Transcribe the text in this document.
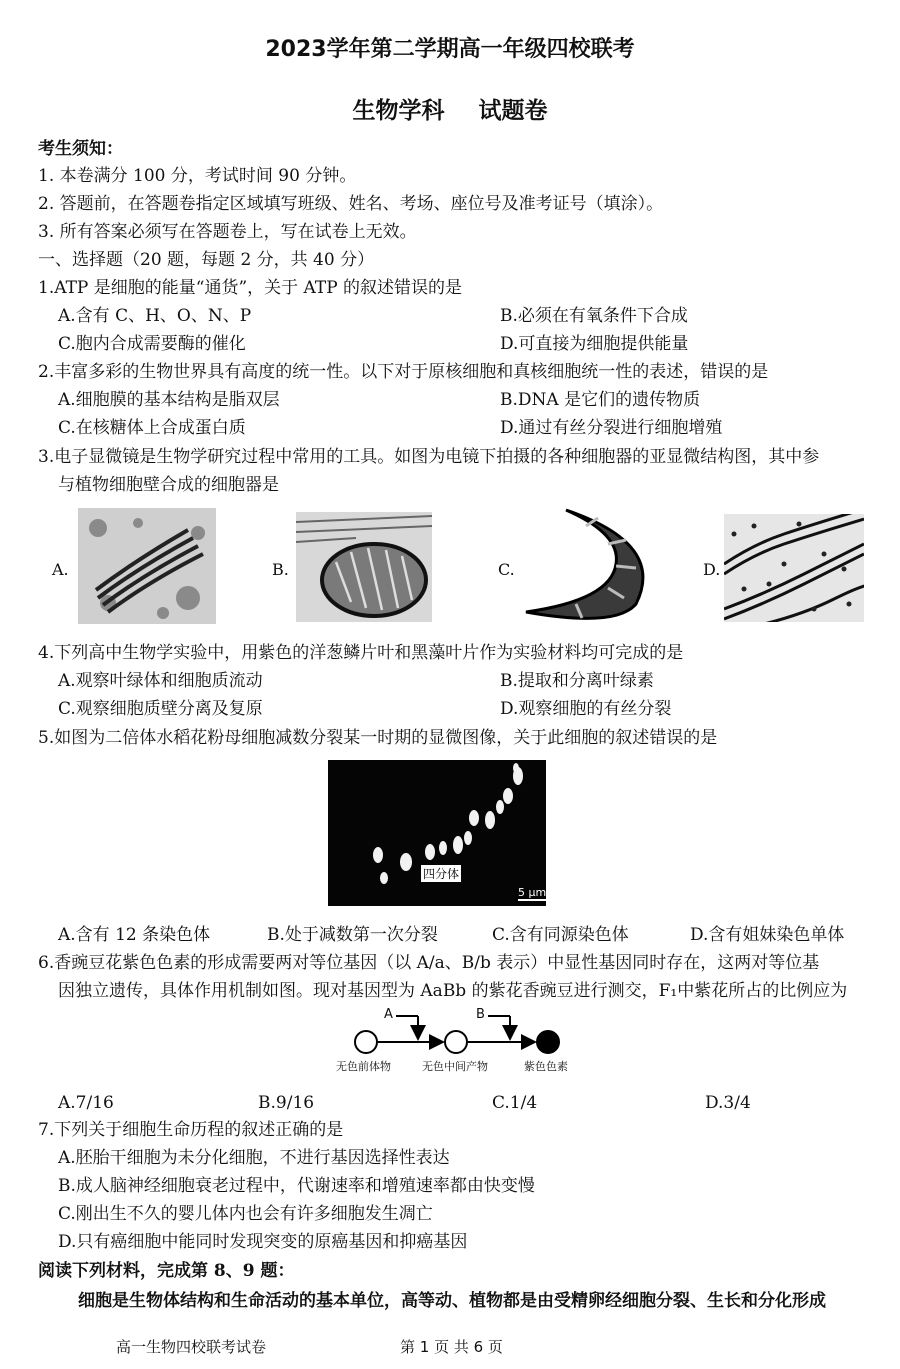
2023学年第二学期高一年级四校联考
生物学科 试题卷
考生须知：
1. 本卷满分 100 分，考试时间 90 分钟。
2. 答题前，在答题卷指定区域填写班级、姓名、考场、座位号及准考证号（填涂）。
3. 所有答案必须写在答题卷上，写在试卷上无效。
一、选择题（20 题，每题 2 分，共 40 分）
1.ATP 是细胞的能量“通货”，关于 ATP 的叙述错误的是
A.含有 C、H、O、N、P	B.必须在有氧条件下合成
C.胞内合成需要酶的催化	D.可直接为细胞提供能量
2.丰富多彩的生物世界具有高度的统一性。以下对于原核细胞和真核细胞统一性的表述，错误的是
A.细胞膜的基本结构是脂双层	B.DNA 是它们的遗传物质
C.在核糖体上合成蛋白质	D.通过有丝分裂进行细胞增殖
3.电子显微镜是生物学研究过程中常用的工具。如图为电镜下拍摄的各种细胞器的亚显微结构图，其中参
与植物细胞壁合成的细胞器是
A.	B.	C.	D.
4.下列高中生物学实验中，用紫色的洋葱鳞片叶和黑藻叶片作为实验材料均可完成的是
A.观察叶绿体和细胞质流动	B.提取和分离叶绿素
C.观察细胞质壁分离及复原	D.观察细胞的有丝分裂
5.如图为二倍体水稻花粉母细胞减数分裂某一时期的显微图像，关于此细胞的叙述错误的是
四分体
5 μm
A.含有 12 条染色体	B.处于减数第一次分裂	C.含有同源染色体	D.含有姐妹染色单体
6.香豌豆花紫色色素的形成需要两对等位基因（以 A/a、B/b 表示）中显性基因同时存在，这两对等位基
因独立遗传，具体作用机制如图。现对基因型为 AaBb 的紫花香豌豆进行测交，F₁中紫花所占的比例应为
A	B
无色前体物	无色中间产物	紫色色素
A.7/16	B.9/16	C.1/4	D.3/4
7.下列关于细胞生命历程的叙述正确的是
A.胚胎干细胞为未分化细胞，不进行基因选择性表达
B.成人脑神经细胞衰老过程中，代谢速率和增殖速率都由快变慢
C.刚出生不久的婴儿体内也会有许多细胞发生凋亡
D.只有癌细胞中能同时发现突变的原癌基因和抑癌基因
阅读下列材料，完成第 8、9 题：
细胞是生物体结构和生命活动的基本单位，高等动、植物都是由受精卵经细胞分裂、生长和分化形成
高一生物四校联考试卷	第 1 页 共 6 页
